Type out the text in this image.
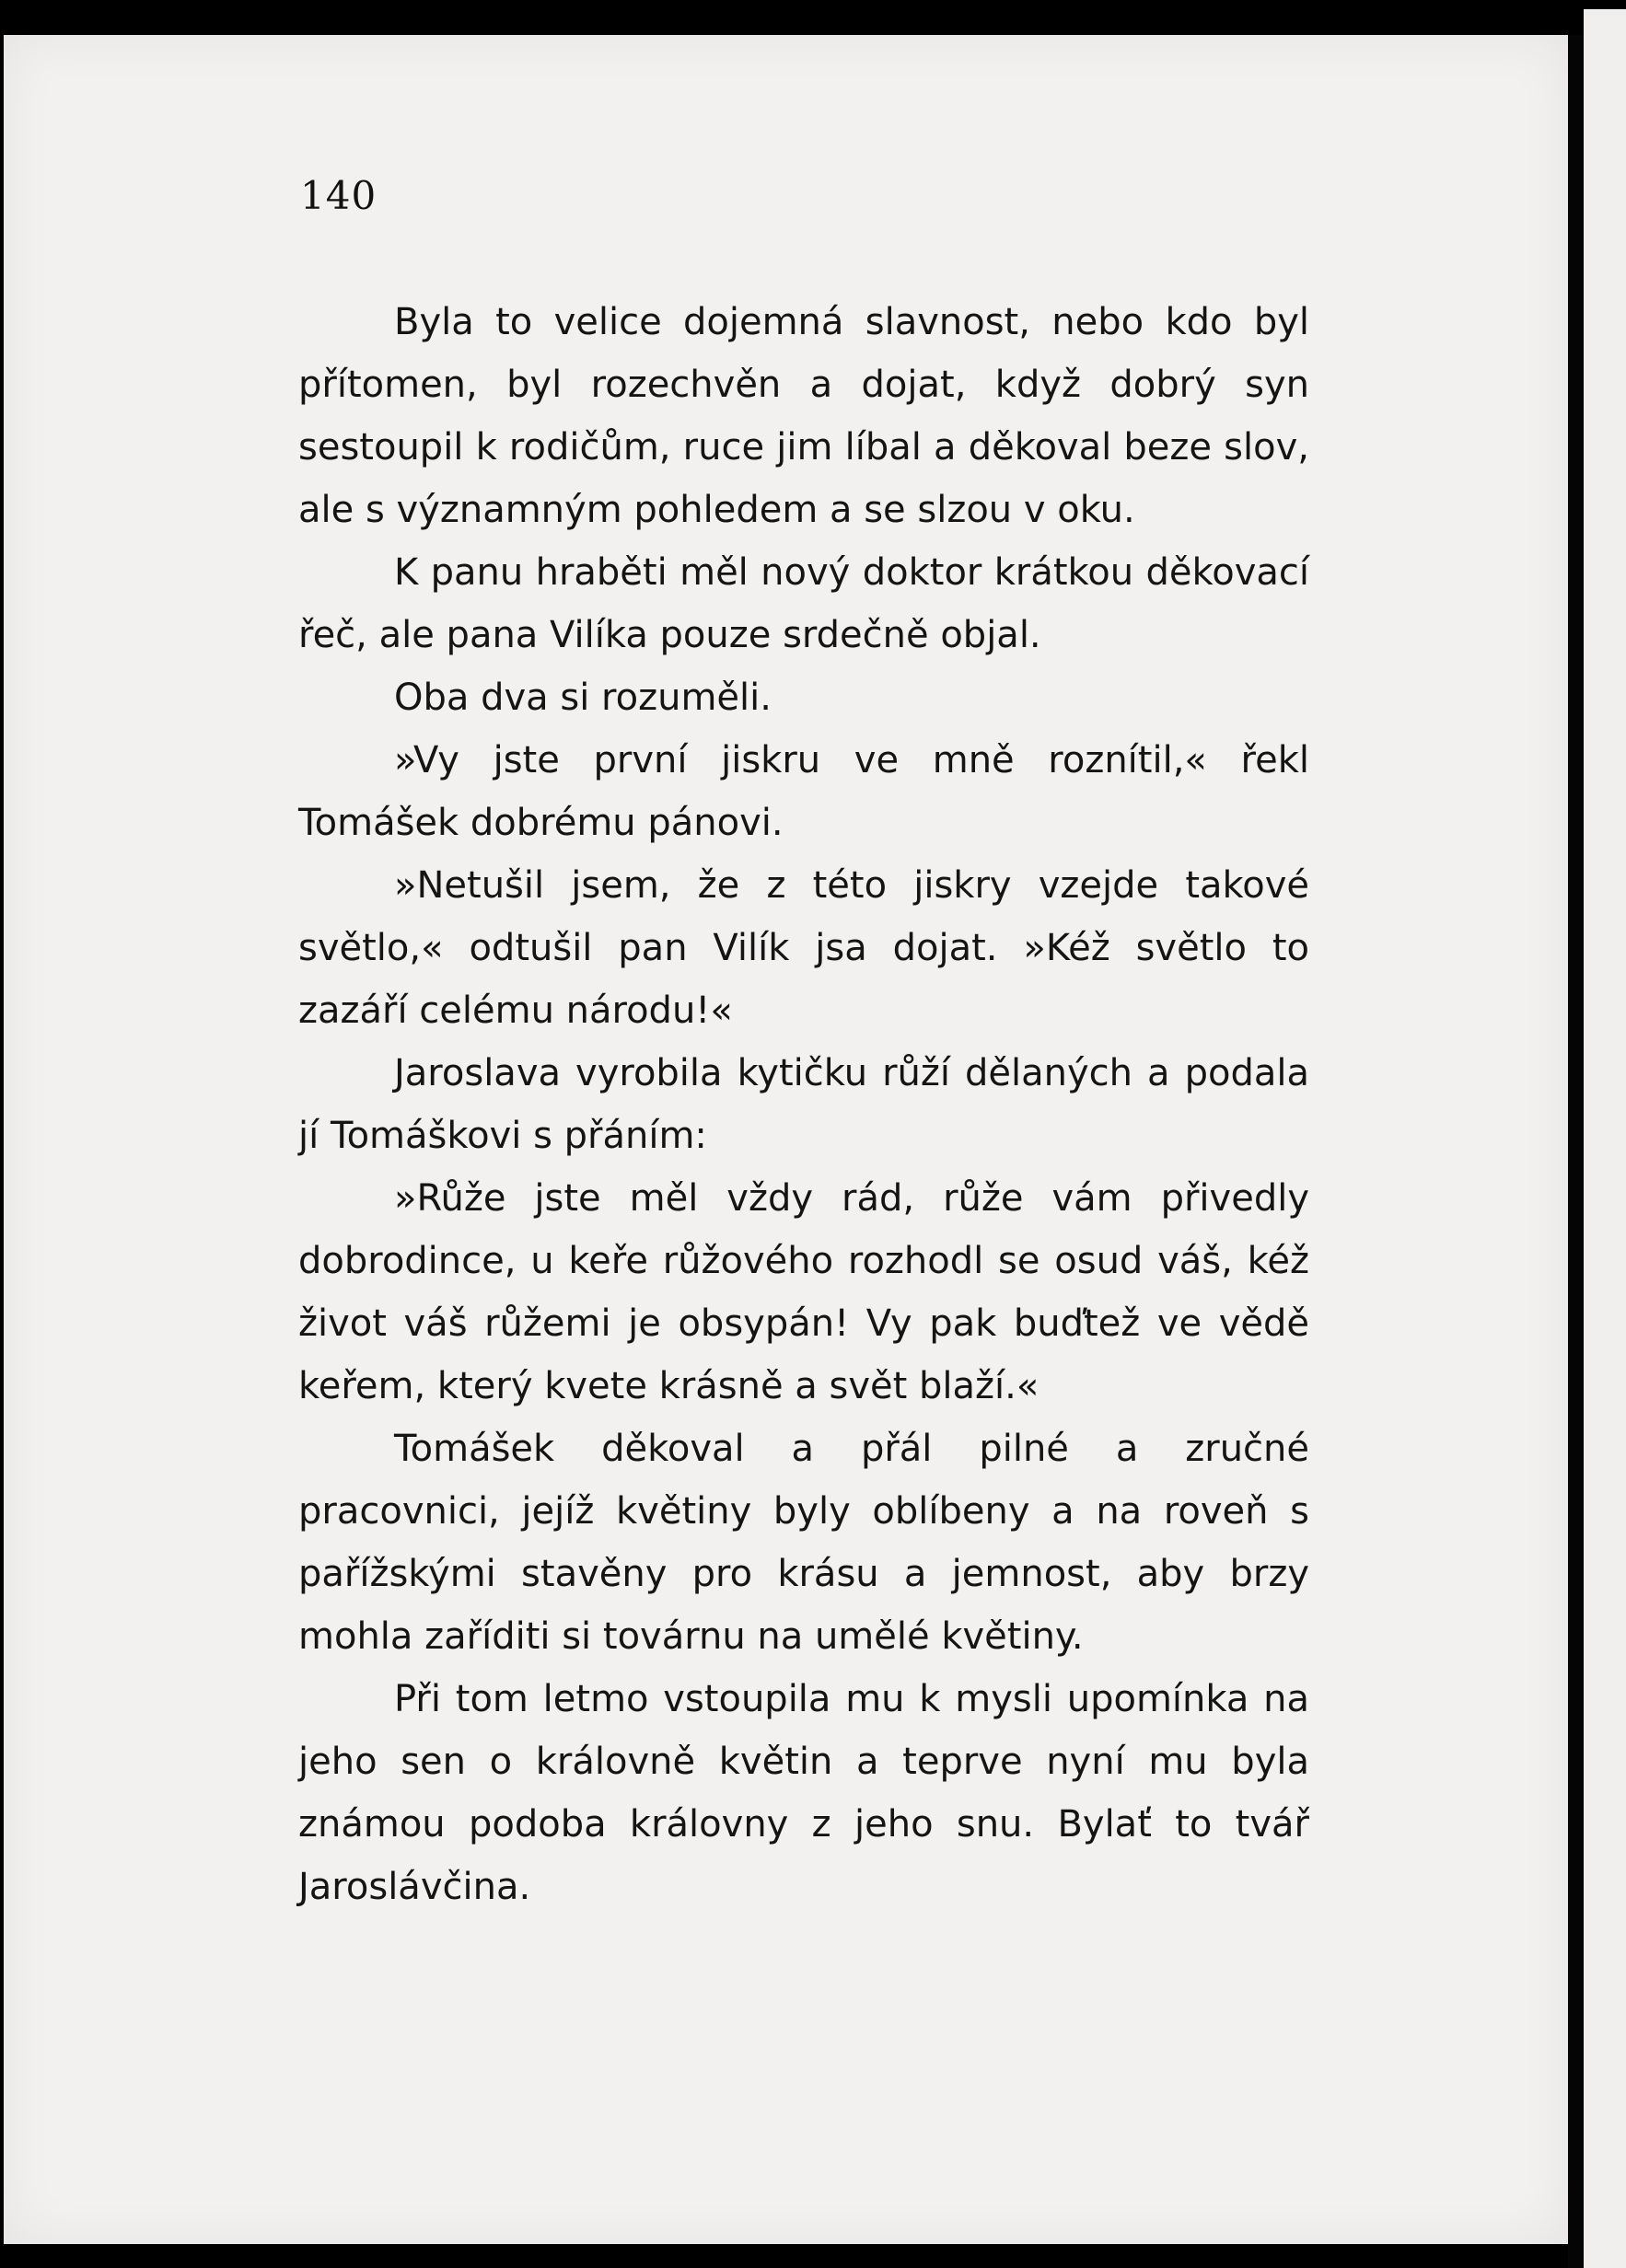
140

Byla to velice dojemná slavnost, nebo kdo byl přítomen, byl rozechvěn a dojat, když dobrý syn sestoupil k rodičům, ruce jim líbal a děkoval beze slov, ale s významným pohledem a se slzou v oku.

K panu hraběti měl nový doktor krátkou děkovací řeč, ale pana Vilíka pouze srdečně objal.

Oba dva si rozuměli.

»Vy jste první jiskru ve mně roznítil,« řekl Tomášek dobrému pánovi.

»Netušil jsem, že z této jiskry vzejde takové světlo,« odtušil pan Vilík jsa dojat. »Kéž světlo to zazáří celému národu!«

Jaroslava vyrobila kytičku růží dělaných a podala jí Tomáškovi s přáním:

»Růže jste měl vždy rád, růže vám přivedly dobrodince, u keře růžového rozhodl se osud váš, kéž život váš růžemi je obsypán! Vy pak buďtež ve vědě keřem, který kvete krásně a svět blaží.«

Tomášek děkoval a přál pilné a zručné pracovnici, jejíž květiny byly oblíbeny a na roveň s pařížskými stavěny pro krásu a jemnost, aby brzy mohla zaříditi si továrnu na umělé květiny.

Při tom letmo vstoupila mu k mysli upomínka na jeho sen o královně květin a teprve nyní mu byla známou podoba královny z jeho snu. Bylať to tvář Jaroslávčina.
